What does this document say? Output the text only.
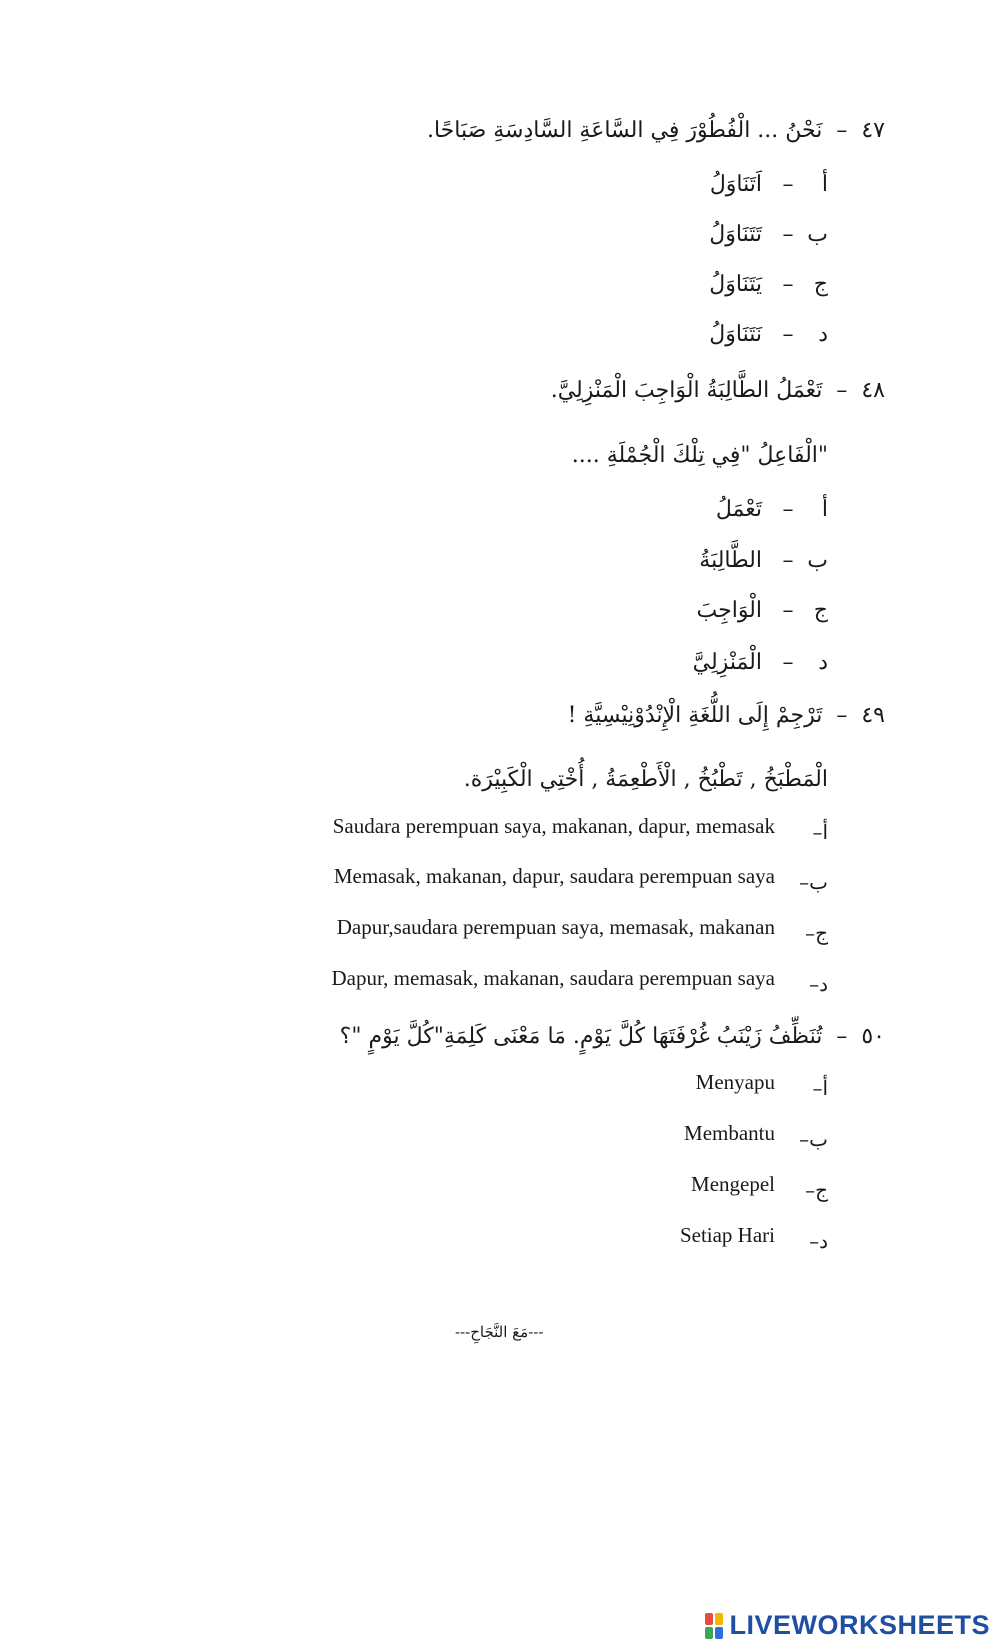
٤٧
–
نَحْنُ ... الْفُطُوْرَ فِي السَّاعَةِ السَّادِسَةِ صَبَاحًا.
أ
–
اَتَنَاوَلُ
ب
–
تَتَنَاوَلُ
ج
–
يَتَنَاوَلُ
د
–
نَتَنَاوَلُ
٤٨
–
تَعْمَلُ الطَّالِبَةُ الْوَاجِبَ الْمَنْزِلِيَّ.
"الْفَاعِلُ "فِي تِلْكَ الْجُمْلَةِ ....
أ
–
تَعْمَلُ
ب
–
الطَّالِبَةُ
ج
–
الْوَاجِبَ
د
–
الْمَنْزِلِيَّ
٤٩
–
تَرْجِمْ إِلَى اللُّغَةِ الْإِنْدُوْنِيْسِيَّةِ !
الْمَطْبَخُ , تَطْبُخُ , الْأَطْعِمَةُ , أُخْتِي الْكَبِيْرَة.
أ–
Saudara perempuan saya, makanan, dapur, memasak
ب–
Memasak, makanan, dapur, saudara perempuan saya
ج–
Dapur,saudara perempuan saya, memasak, makanan
د–
Dapur, memasak, makanan, saudara perempuan saya
٥٠
–
تُنَظِّفُ زَيْنَبُ غُرْفَتَهَا كُلَّ يَوْمٍ. مَا مَعْنَى كَلِمَةِ"كُلَّ يَوْمٍ "؟
أ–
Menyapu
ب–
Membantu
ج–
Mengepel
د–
Setiap Hari
---مَعَ النَّجَاحِ---
LIVEWORKSHEETS
